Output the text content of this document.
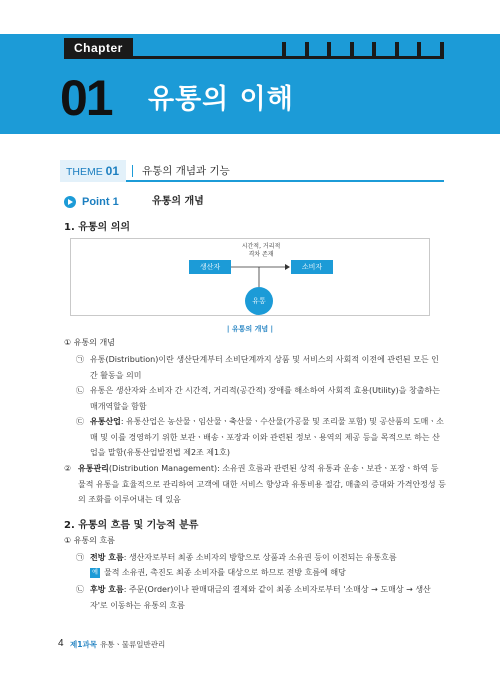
Chapter
01 유통의 이해
THEME 01	유통의 개념과 기능
Point 1	유통의 개념
1. 유통의 의의
시간적, 거리적
격차 존재
생산자	소비자
유통
| 유통의 개념 |
① 유통의 개념
㉠ 유통(Distribution)이란 생산단계부터 소비단계까지 상품 및 서비스의 사회적 이전에 관련된 모든 인간 활동을 의미
㉡ 유통은 생산자와 소비자 간 시간적, 거리적(공간적) 장애를 해소하여 사회적 효용(Utility)을 창출하는 매개역할을 함함
㉢ 유통산업: 유통산업은 농산물ㆍ임산물ㆍ축산물ㆍ수산물(가공물 및 조리물 포함) 및 공산품의 도매ㆍ소매 및 이를 경영하기 위한 보관ㆍ배송ㆍ포장과 이와 관련된 정보ㆍ용역의 제공 등을 목적으로 하는 산업을 말함(유통산업발전법 제2조 제1호)
② 유통관리(Distribution Management): 소유권 흐름과 관련된 상적 유통과 운송ㆍ보관ㆍ포장ㆍ하역 등 물적 유통을 효율적으로 관리하여 고객에 대한 서비스 향상과 유통비용 절감, 매출의 증대와 가격안정성 등의 조화를 이루어내는 데 있음
2. 유통의 흐름 및 기능적 분류
① 유통의 흐름
㉠ 전방 흐름: 생산자로부터 최종 소비자의 방향으로 상품과 소유권 등이 이전되는 유통흐름
예 물적 소유권, 촉진도 최종 소비자를 대상으로 하므로 전방 흐름에 해당
㉡ 후방 흐름: 주문(Order)이나 판매대금의 결제와 같이 최종 소비자로부터 '소매상 → 도매상 → 생산자'로 이동하는 유통의 흐름
4 제1과목 유통ㆍ물류일반관리
